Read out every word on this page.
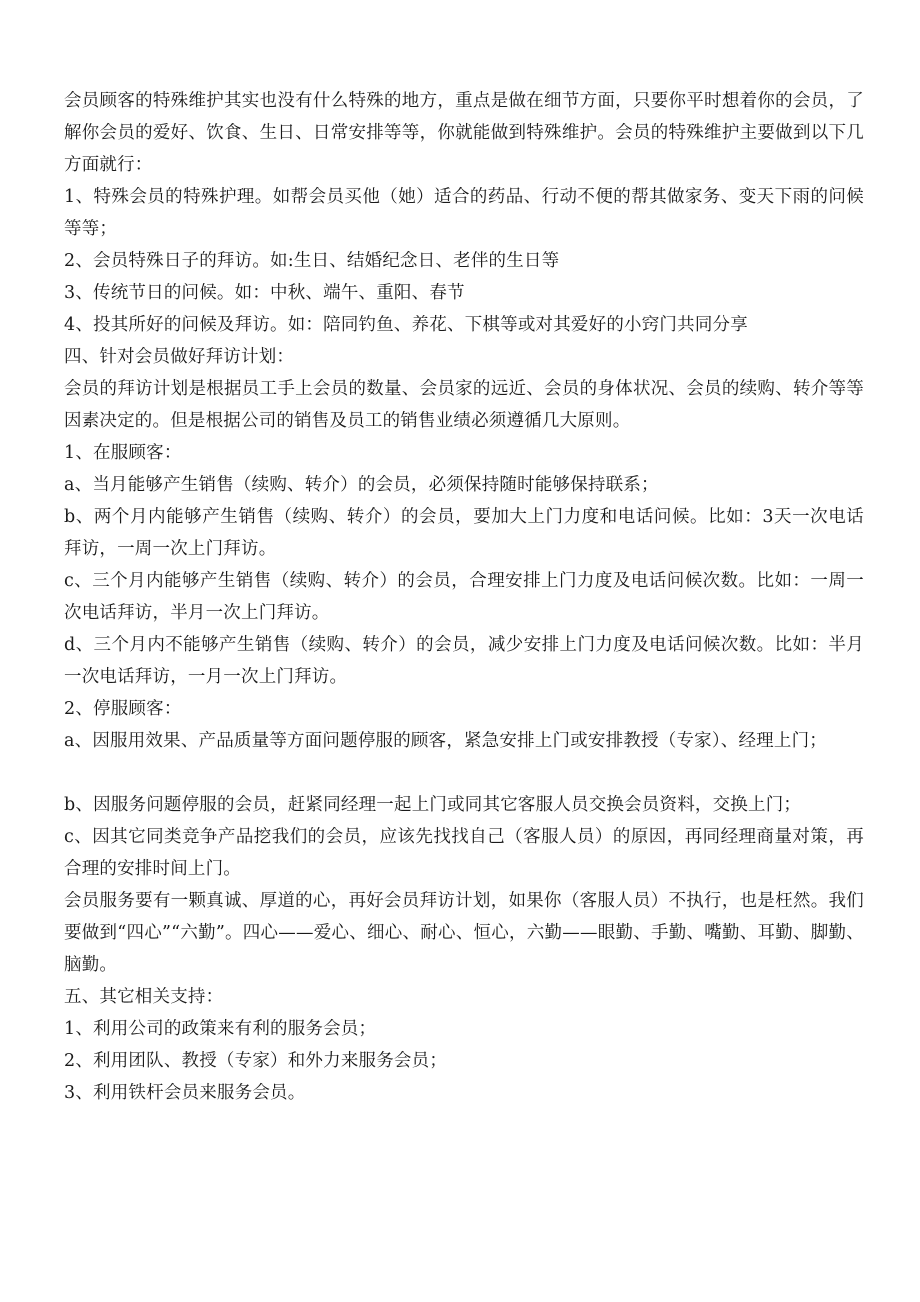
会员顾客的特殊维护其实也没有什么特殊的地方，重点是做在细节方面，只要你平时想着你的会员，了解你会员的爱好、饮食、生日、日常安排等等，你就能做到特殊维护。会员的特殊维护主要做到以下几方面就行：

1、特殊会员的特殊护理。如帮会员买他（她）适合的药品、行动不便的帮其做家务、变天下雨的问候等等；

2、会员特殊日子的拜访。如:生日、结婚纪念日、老伴的生日等

3、传统节日的问候。如：中秋、端午、重阳、春节

4、投其所好的问候及拜访。如：陪同钓鱼、养花、下棋等或对其爱好的小窍门共同分享

四、针对会员做好拜访计划：

会员的拜访计划是根据员工手上会员的数量、会员家的远近、会员的身体状况、会员的续购、转介等等因素决定的。但是根据公司的销售及员工的销售业绩必须遵循几大原则。

1、在服顾客：

a、当月能够产生销售（续购、转介）的会员，必须保持随时能够保持联系；

b、两个月内能够产生销售（续购、转介）的会员，要加大上门力度和电话问候。比如：3天一次电话拜访，一周一次上门拜访。

c、三个月内能够产生销售（续购、转介）的会员，合理安排上门力度及电话问候次数。比如：一周一次电话拜访，半月一次上门拜访。

d、三个月内不能够产生销售（续购、转介）的会员，减少安排上门力度及电话问候次数。比如：半月一次电话拜访，一月一次上门拜访。

2、停服顾客：

a、因服用效果、产品质量等方面问题停服的顾客，紧急安排上门或安排教授（专家）、经理上门；

b、因服务问题停服的会员，赶紧同经理一起上门或同其它客服人员交换会员资料，交换上门；

c、因其它同类竞争产品挖我们的会员，应该先找找自己（客服人员）的原因，再同经理商量对策，再合理的安排时间上门。

会员服务要有一颗真诚、厚道的心，再好会员拜访计划，如果你（客服人员）不执行，也是枉然。我们要做到“四心”“六勤”。四心——爱心、细心、耐心、恒心，六勤——眼勤、手勤、嘴勤、耳勤、脚勤、脑勤。

五、其它相关支持：

1、利用公司的政策来有利的服务会员；

2、利用团队、教授（专家）和外力来服务会员；

3、利用铁杆会员来服务会员。
